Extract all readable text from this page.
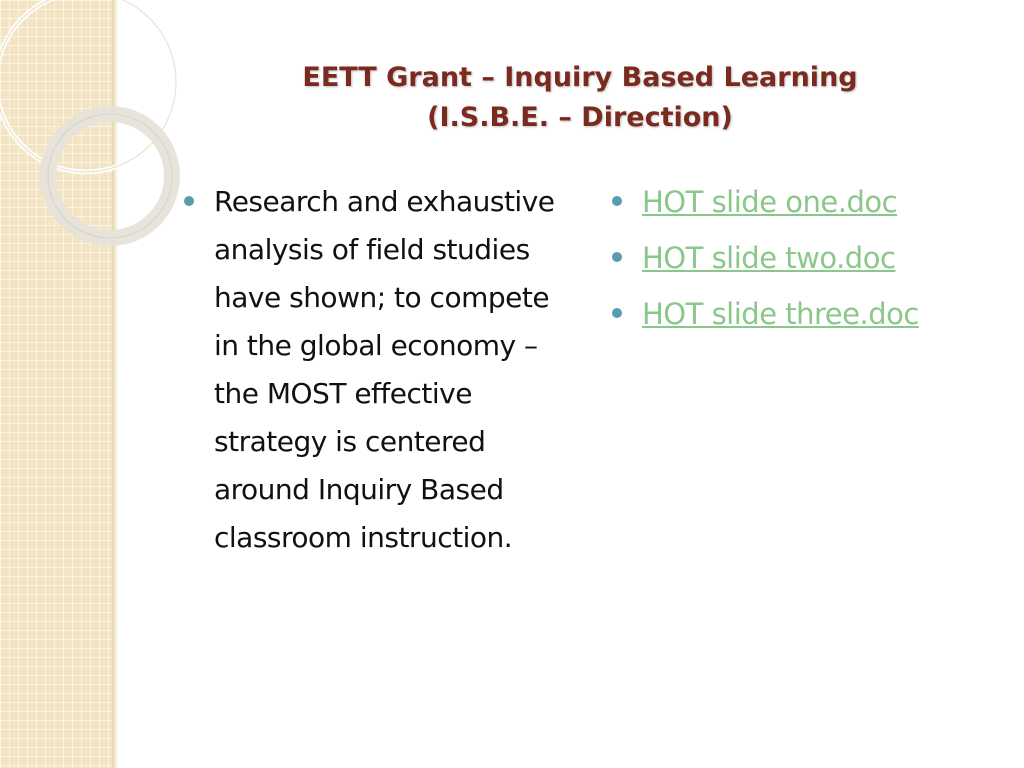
EETT Grant – Inquiry Based Learning
(I.S.B.E. – Direction)
Research and exhaustive analysis of field studies have shown; to compete in the global economy – the MOST effective strategy is centered around Inquiry Based classroom instruction.
HOT slide one.doc
HOT slide two.doc
HOT slide three.doc
